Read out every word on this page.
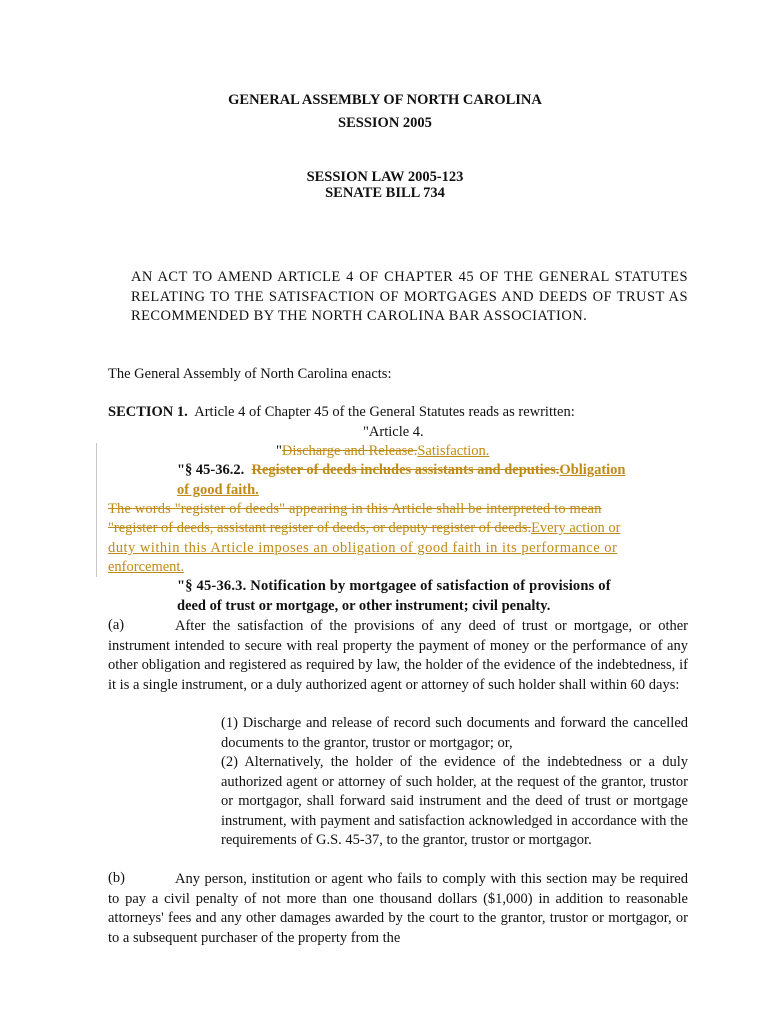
GENERAL ASSEMBLY OF NORTH CAROLINA
SESSION 2005
SESSION LAW 2005-123
SENATE BILL 734
AN ACT TO AMEND ARTICLE 4 OF CHAPTER 45 OF THE GENERAL STATUTES RELATING TO THE SATISFACTION OF MORTGAGES AND DEEDS OF TRUST AS RECOMMENDED BY THE NORTH CAROLINA BAR ASSOCIATION.
The General Assembly of North Carolina enacts:
SECTION 1. Article 4 of Chapter 45 of the General Statutes reads as rewritten:
"Article 4.
"Discharge and Release.Satisfaction.
"§ 45-36.2. Register of deeds includes assistants and deputies.Obligation
of good faith.
The words "register of deeds" appearing in this Article shall be interpreted to mean
"register of deeds, assistant register of deeds, or deputy register of deeds.Every action or
duty within this Article imposes an obligation of good faith in its performance or
enforcement.
"§ 45-36.3. Notification by mortgagee of satisfaction of provisions of
deed of trust or mortgage, or other instrument; civil penalty.
(a)	After the satisfaction of the provisions of any deed of trust or mortgage, or other instrument intended to secure with real property the payment of money or the performance of any other obligation and registered as required by law, the holder of the evidence of the indebtedness, if it is a single instrument, or a duly authorized agent or attorney of such holder shall within 60 days:
(1) Discharge and release of record such documents and forward the cancelled documents to the grantor, trustor or mortgagor; or,
(2) Alternatively, the holder of the evidence of the indebtedness or a duly authorized agent or attorney of such holder, at the request of the grantor, trustor or mortgagor, shall forward said instrument and the deed of trust or mortgage instrument, with payment and satisfaction acknowledged in accordance with the requirements of G.S. 45-37, to the grantor, trustor or mortgagor.
(b)	Any person, institution or agent who fails to comply with this section may be required to pay a civil penalty of not more than one thousand dollars ($1,000) in addition to reasonable attorneys' fees and any other damages awarded by the court to the grantor, trustor or mortgagor, or to a subsequent purchaser of the property from the
